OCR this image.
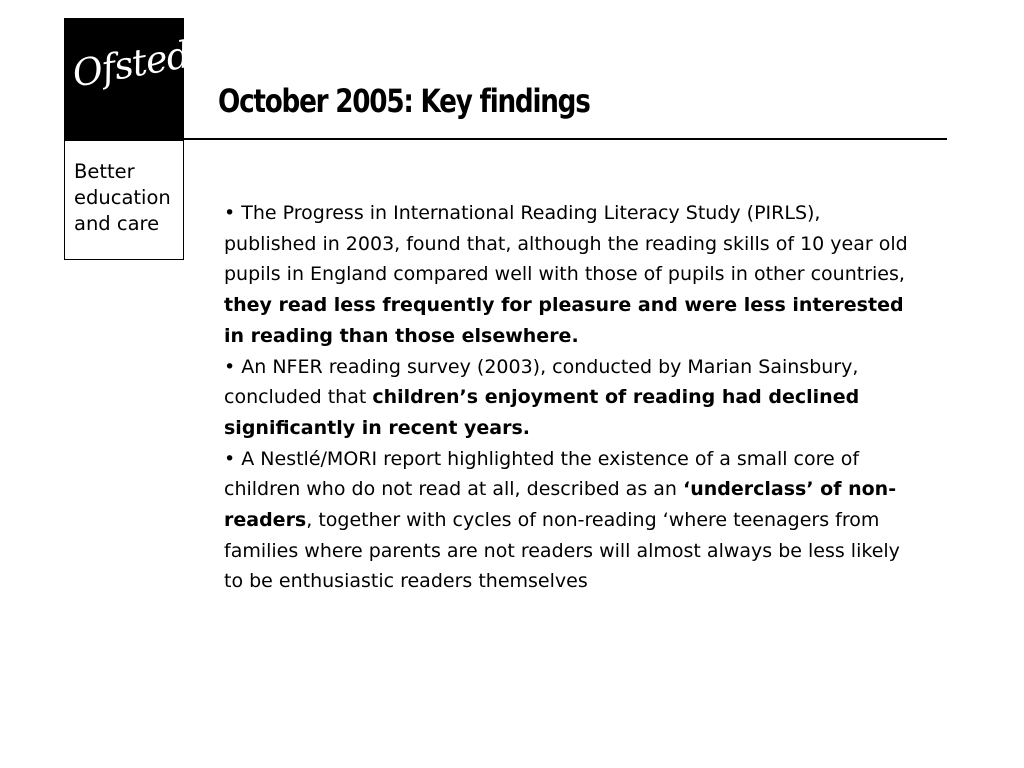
Ofsted
Better
education
and care
October 2005: Key findings

• The Progress in International Reading Literacy Study (PIRLS), published in 2003, found that, although the reading skills of 10 year old pupils in England compared well with those of pupils in other countries, they read less frequently for pleasure and were less interested in reading than those elsewhere.

• An NFER reading survey (2003), conducted by Marian Sainsbury, concluded that children’s enjoyment of reading had declined significantly in recent years.

• A Nestlé/MORI report highlighted the existence of a small core of children who do not read at all, described as an ‘underclass’ of non-readers, together with cycles of non-reading ‘where teenagers from families where parents are not readers will almost always be less likely to be enthusiastic readers themselves
